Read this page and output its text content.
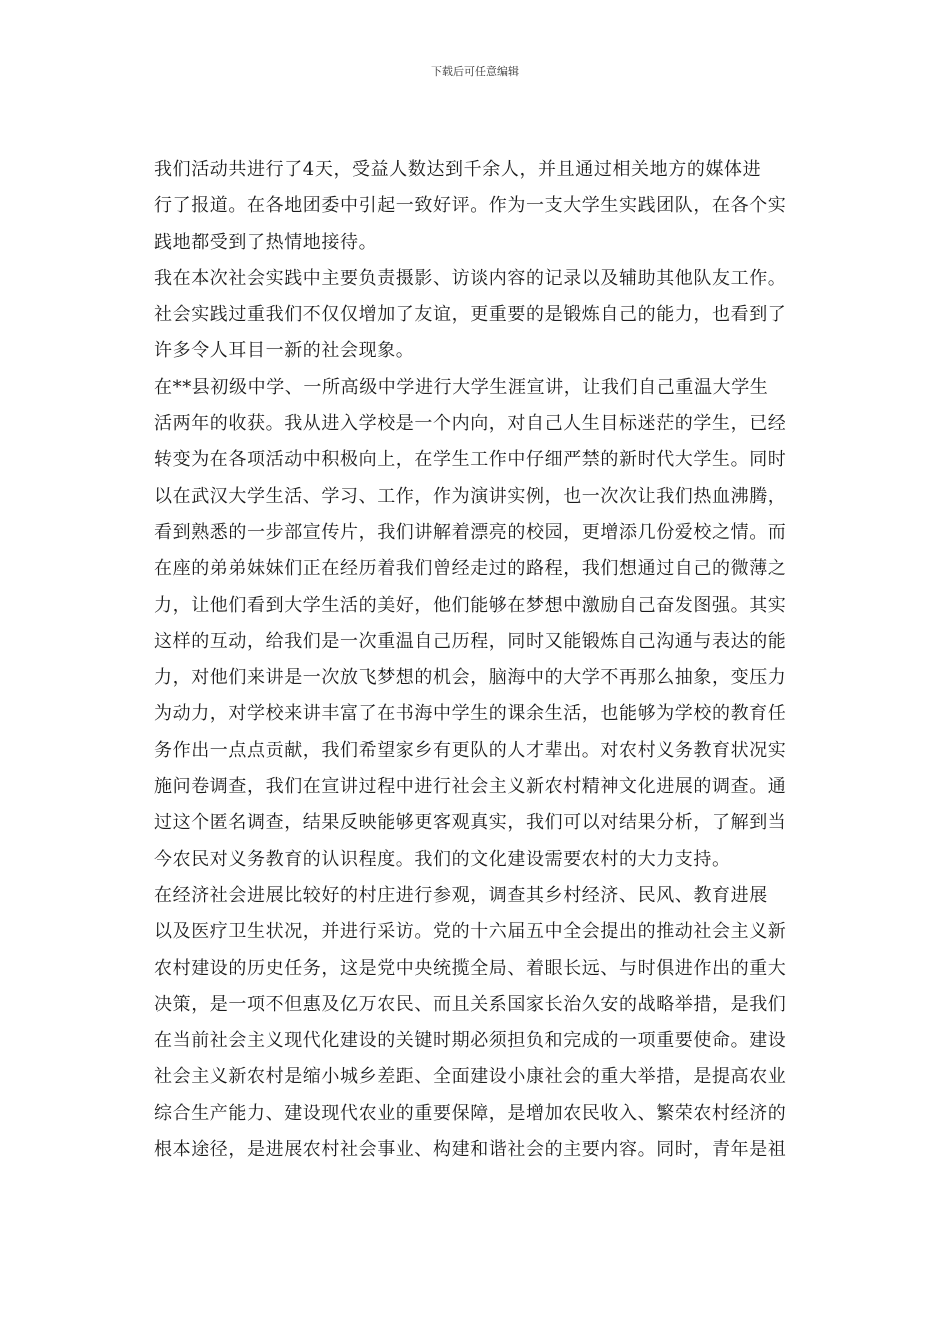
下载后可任意编辑

我们活动共进行了4天，受益人数达到千余人，并且通过相关地方的媒体进
行了报道。在各地团委中引起一致好评。作为一支大学生实践团队，在各个实
践地都受到了热情地接待。

我在本次社会实践中主要负责摄影、访谈内容的记录以及辅助其他队友工作。
社会实践过重我们不仅仅增加了友谊，更重要的是锻炼自己的能力，也看到了
许多令人耳目一新的社会现象。

在**县初级中学、一所高级中学进行大学生涯宣讲，让我们自己重温大学生
活两年的收获。我从进入学校是一个内向，对自己人生目标迷茫的学生，已经
转变为在各项活动中积极向上，在学生工作中仔细严禁的新时代大学生。同时
以在武汉大学生活、学习、工作，作为演讲实例，也一次次让我们热血沸腾，
看到熟悉的一步部宣传片，我们讲解着漂亮的校园，更增添几份爱校之情。而
在座的弟弟妹妹们正在经历着我们曾经走过的路程，我们想通过自己的微薄之
力，让他们看到大学生活的美好，他们能够在梦想中激励自己奋发图强。其实
这样的互动，给我们是一次重温自己历程，同时又能锻炼自己沟通与表达的能
力，对他们来讲是一次放飞梦想的机会，脑海中的大学不再那么抽象，变压力
为动力，对学校来讲丰富了在书海中学生的课余生活，也能够为学校的教育任
务作出一点点贡献，我们希望家乡有更队的人才辈出。对农村义务教育状况实
施问卷调查，我们在宣讲过程中进行社会主义新农村精神文化进展的调查。通
过这个匿名调查，结果反映能够更客观真实，我们可以对结果分析，了解到当
今农民对义务教育的认识程度。我们的文化建设需要农村的大力支持。

在经济社会进展比较好的村庄进行参观，调查其乡村经济、民风、教育进展
以及医疗卫生状况，并进行采访。党的十六届五中全会提出的推动社会主义新
农村建设的历史任务，这是党中央统揽全局、着眼长远、与时俱进作出的重大
决策，是一项不但惠及亿万农民、而且关系国家长治久安的战略举措，是我们
在当前社会主义现代化建设的关键时期必须担负和完成的一项重要使命。建设
社会主义新农村是缩小城乡差距、全面建设小康社会的重大举措，是提高农业
综合生产能力、建设现代农业的重要保障，是增加农民收入、繁荣农村经济的
根本途径，是进展农村社会事业、构建和谐社会的主要内容。同时，青年是祖
